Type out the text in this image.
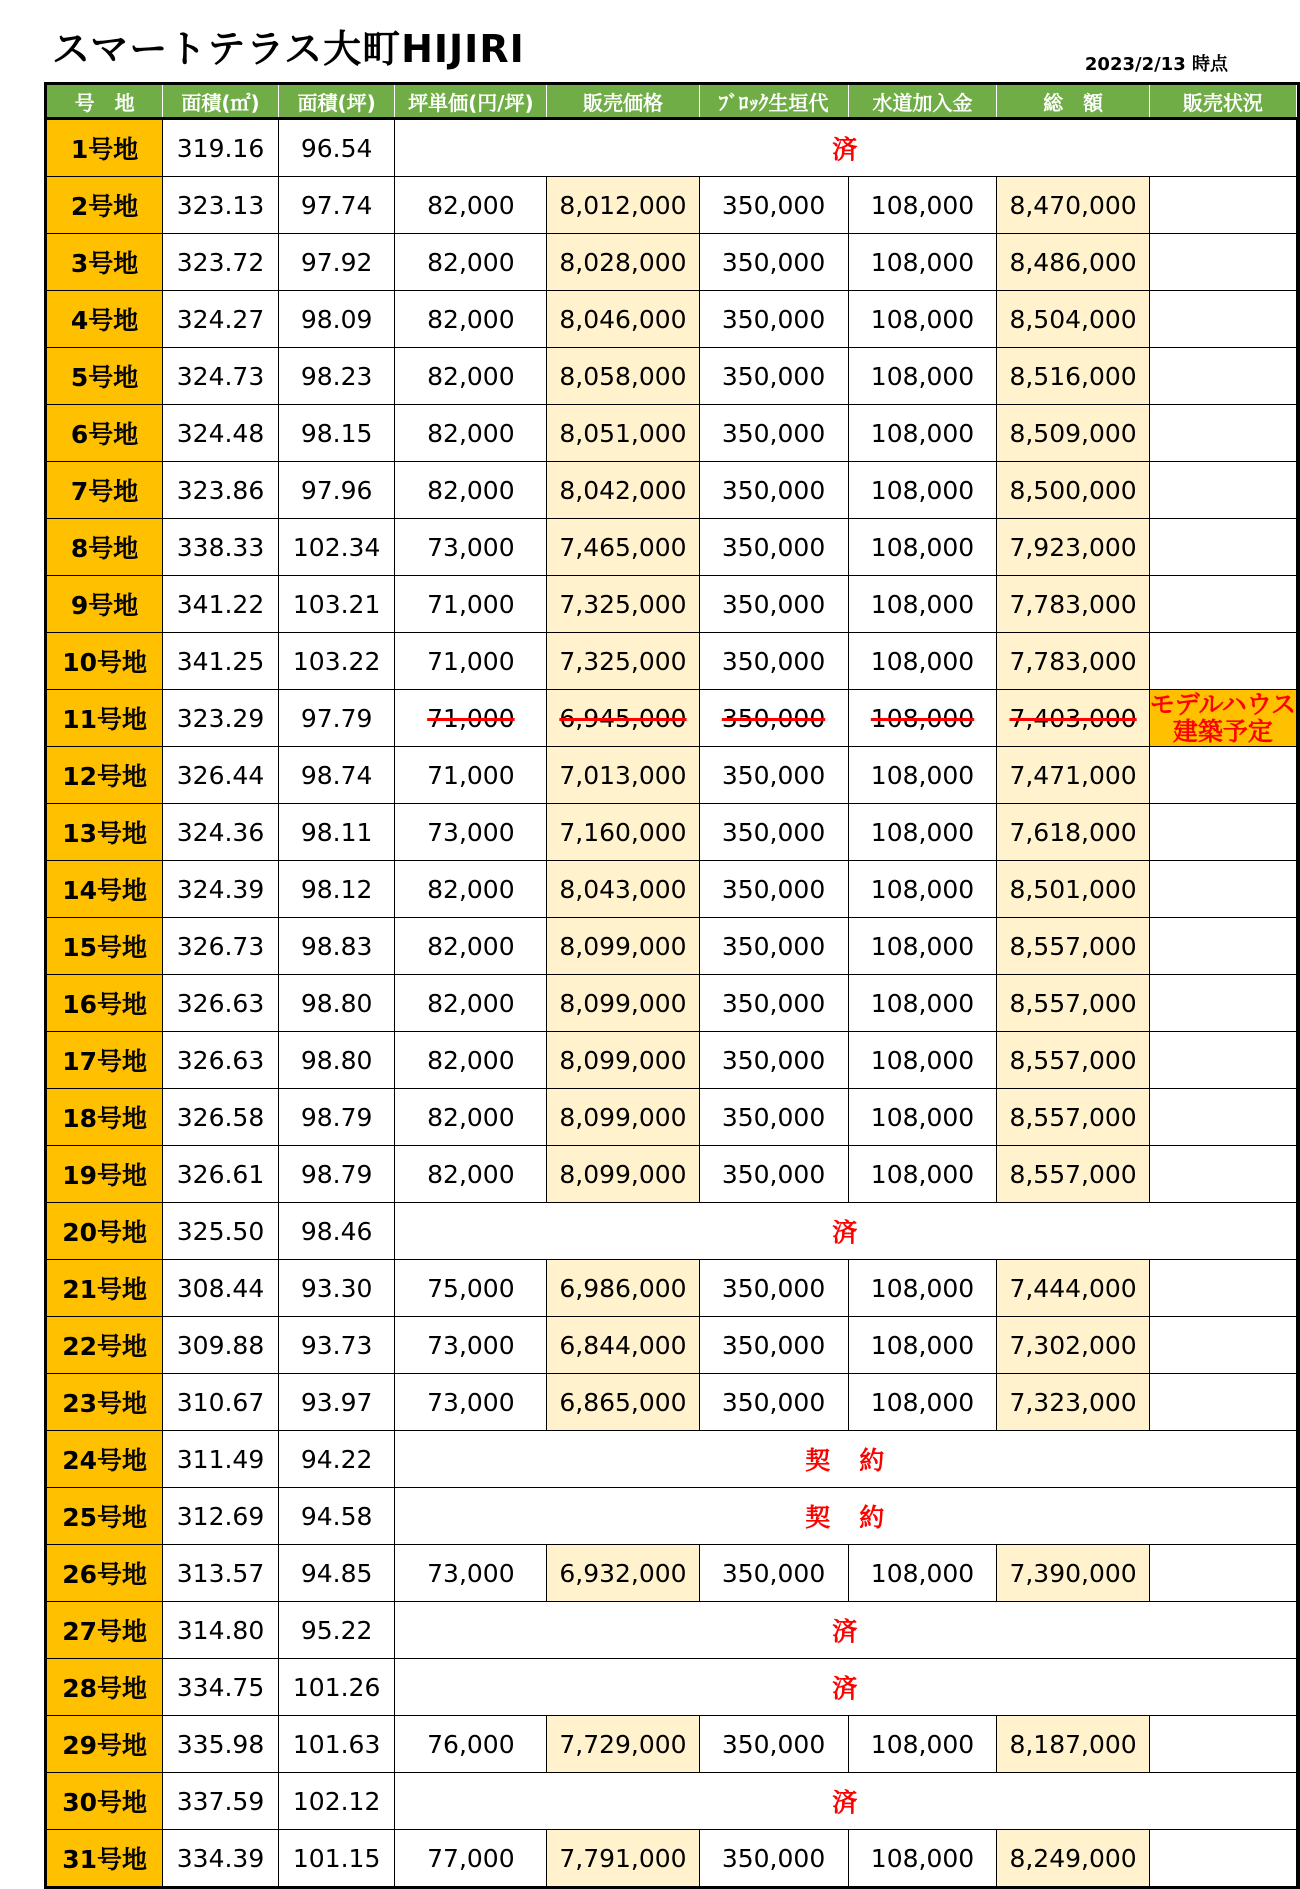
スマートテラス大町HIJIRI	2023/2/13 時点
号　地	面積(㎡)	面積(坪)	坪単価(円/坪)	販売価格	ﾌﾞﾛｯｸ生垣代	水道加入金	総　額	販売状況	
1号地	319.16	96.54	済						
2号地	323.13	97.74	82,000	8,012,000	350,000	108,000	8,470,000		
3号地	323.72	97.92	82,000	8,028,000	350,000	108,000	8,486,000		
4号地	324.27	98.09	82,000	8,046,000	350,000	108,000	8,504,000		
5号地	324.73	98.23	82,000	8,058,000	350,000	108,000	8,516,000		
6号地	324.48	98.15	82,000	8,051,000	350,000	108,000	8,509,000		
7号地	323.86	97.96	82,000	8,042,000	350,000	108,000	8,500,000		
8号地	338.33	102.34	73,000	7,465,000	350,000	108,000	7,923,000		
9号地	341.22	103.21	71,000	7,325,000	350,000	108,000	7,783,000		
10号地	341.25	103.22	71,000	7,325,000	350,000	108,000	7,783,000		
11号地	323.29	97.79	71,000	6,945,000	350,000	108,000	7,403,000	モデルハウス
建築予定	

12号地	326.44	98.74	71,000	7,013,000	350,000	108,000	7,471,000		
13号地	324.36	98.11	73,000	7,160,000	350,000	108,000	7,618,000		
14号地	324.39	98.12	82,000	8,043,000	350,000	108,000	8,501,000		
15号地	326.73	98.83	82,000	8,099,000	350,000	108,000	8,557,000		
16号地	326.63	98.80	82,000	8,099,000	350,000	108,000	8,557,000		
17号地	326.63	98.80	82,000	8,099,000	350,000	108,000	8,557,000		
18号地	326.58	98.79	82,000	8,099,000	350,000	108,000	8,557,000		
19号地	326.61	98.79	82,000	8,099,000	350,000	108,000	8,557,000		
20号地	325.50	98.46	済						
21号地	308.44	93.30	75,000	6,986,000	350,000	108,000	7,444,000		
22号地	309.88	93.73	73,000	6,844,000	350,000	108,000	7,302,000		
23号地	310.67	93.97	73,000	6,865,000	350,000	108,000	7,323,000		
24号地	311.49	94.22	契　約						
25号地	312.69	94.58	契　約						
26号地	313.57	94.85	73,000	6,932,000	350,000	108,000	7,390,000		
27号地	314.80	95.22	済						
28号地	334.75	101.26	済						
29号地	335.98	101.63	76,000	7,729,000	350,000	108,000	8,187,000		
30号地	337.59	102.12	済						
31号地	334.39	101.15	77,000	7,791,000	350,000	108,000	8,249,000		
